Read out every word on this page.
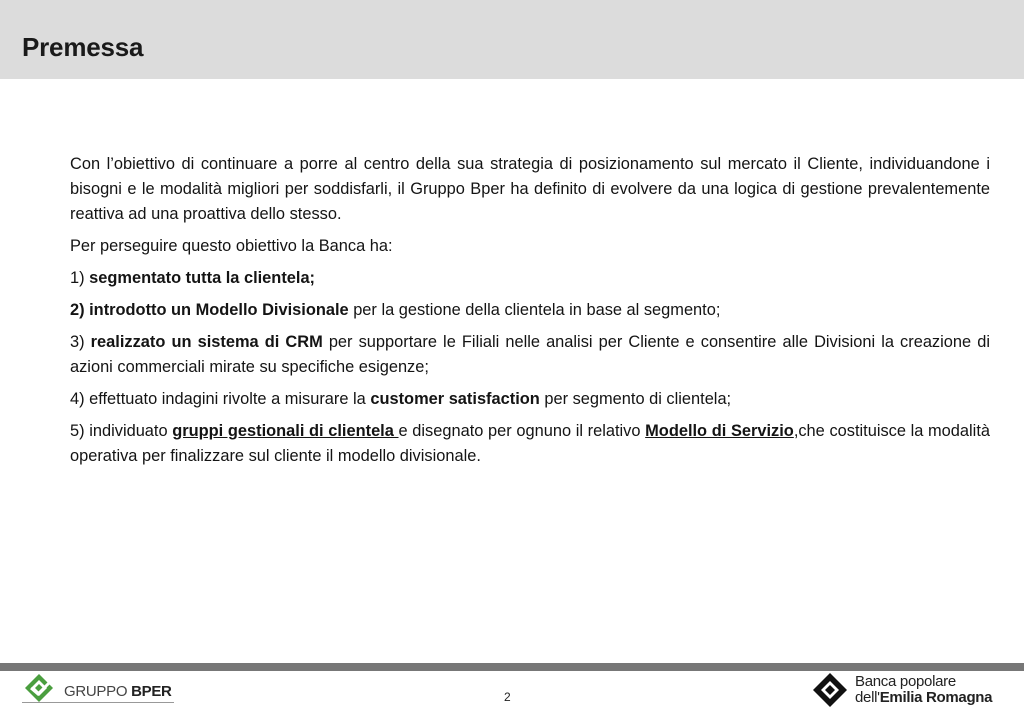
Premessa

Con l’obiettivo di continuare a porre al centro della sua strategia di posizionamento sul mercato il Cliente, individuandone i bisogni e le modalità migliori per soddisfarli, il Gruppo Bper ha definito di evolvere da una logica di gestione prevalentemente reattiva ad una proattiva dello stesso.

Per perseguire questo obiettivo la Banca ha:

1) segmentato tutta la clientela;

2) introdotto un Modello Divisionale per la gestione della clientela in base al segmento;

3) realizzato un sistema di CRM per supportare le Filiali nelle analisi per Cliente e consentire alle Divisioni la creazione di azioni commerciali mirate su specifiche esigenze;

4) effettuato indagini rivolte a misurare la customer satisfaction per segmento di clientela;

5) individuato gruppi gestionali di clientela e disegnato per ognuno il relativo Modello di Servizio,che costituisce la modalità operativa per finalizzare sul cliente il modello divisionale.

GRUPPO BPER	2
Banca popolare
dell'Emilia Romagna
